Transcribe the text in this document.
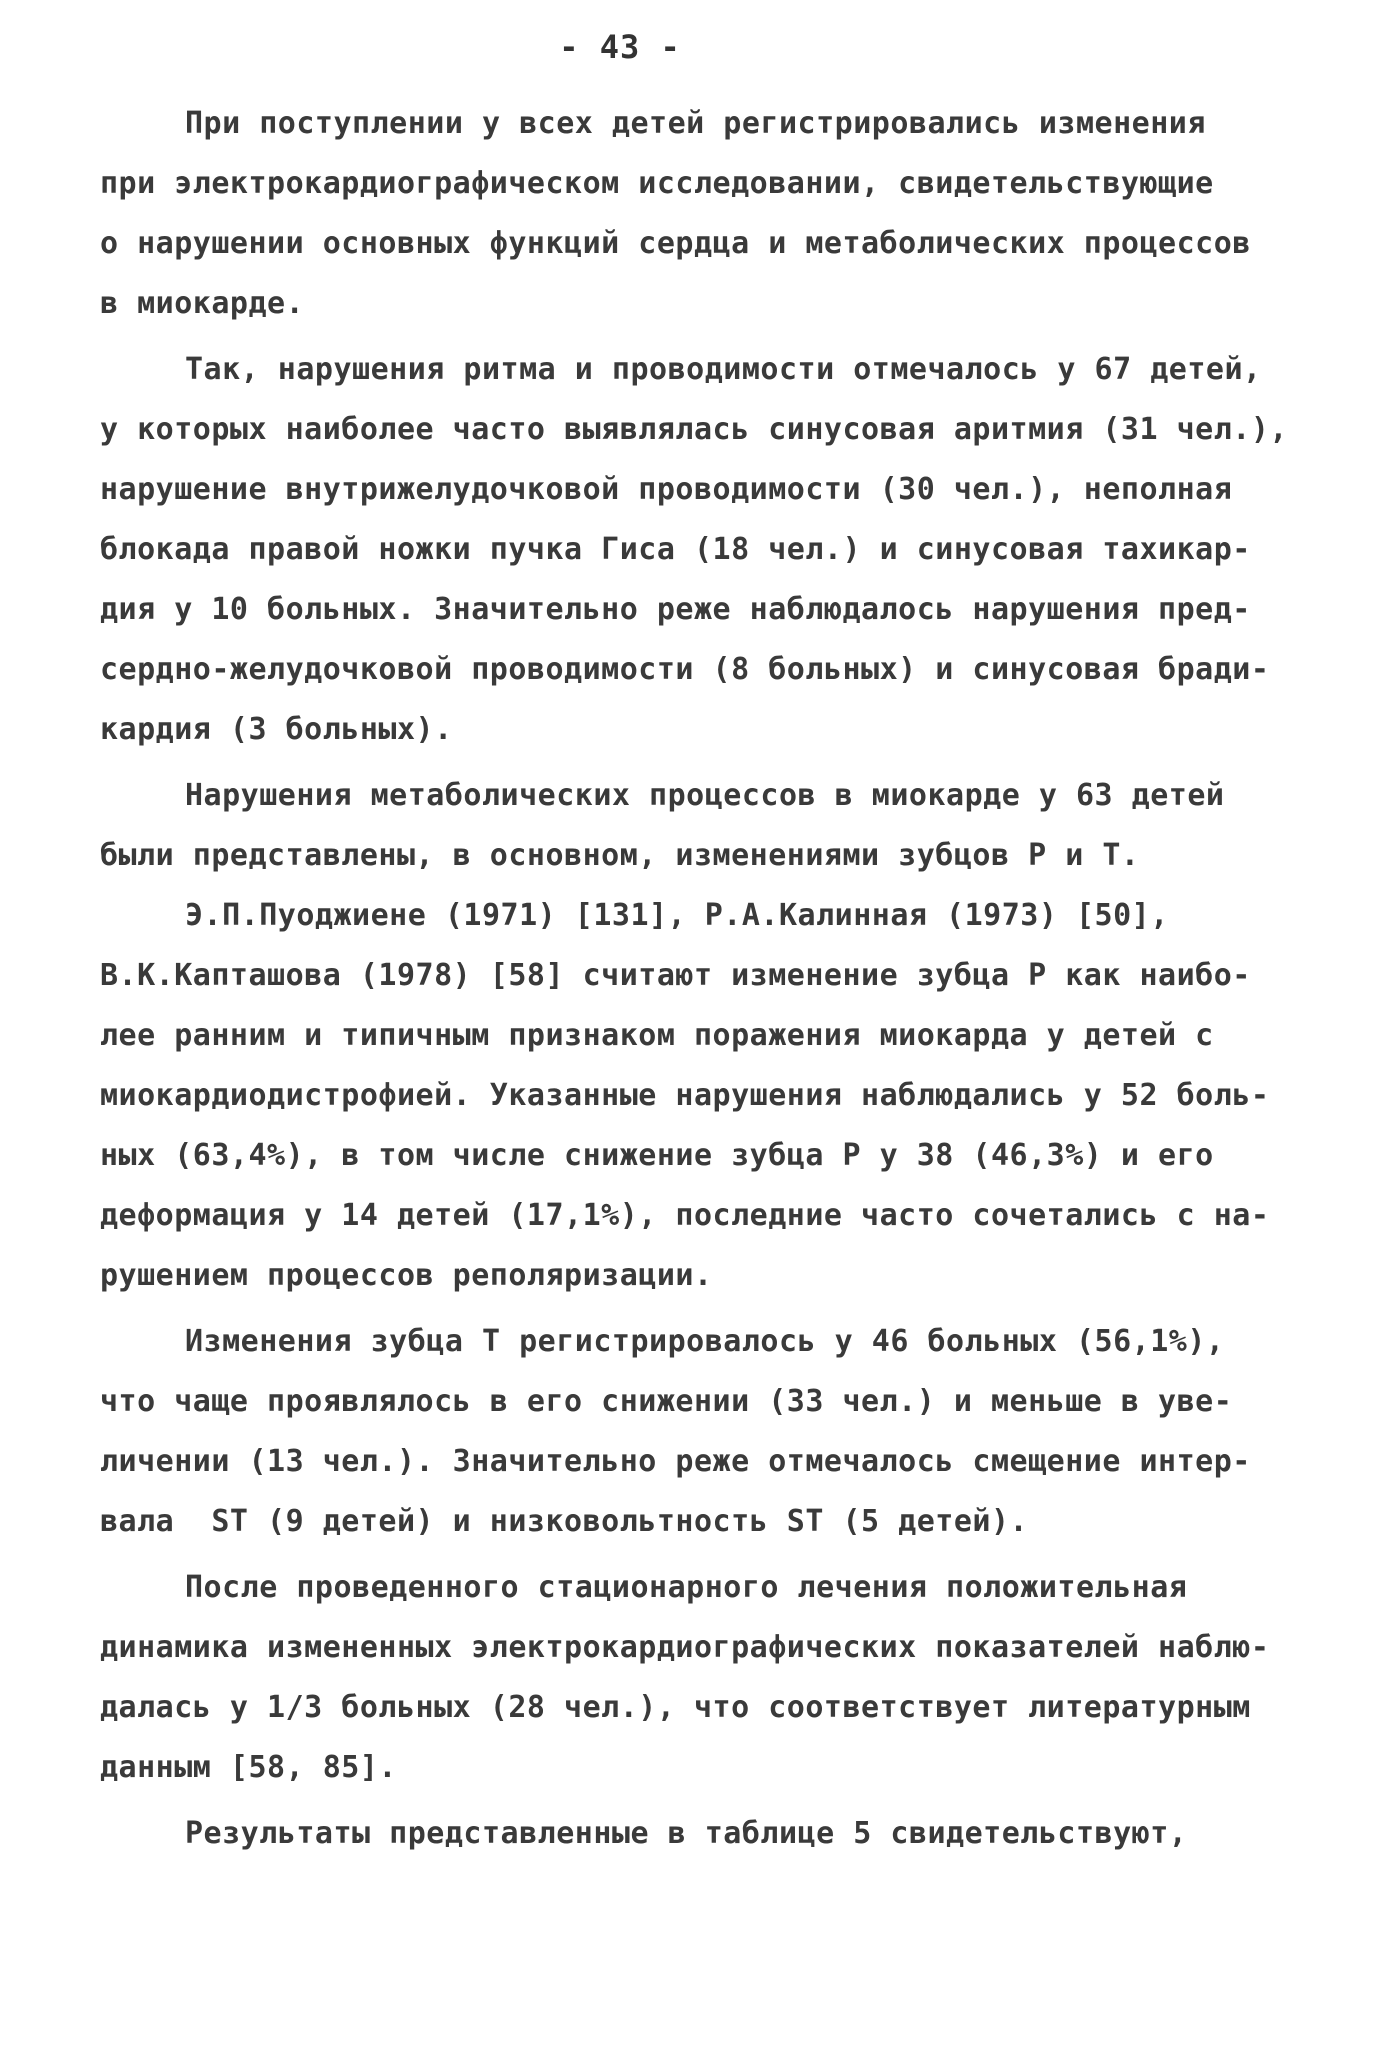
- 43 -
При поступлении у всех детей регистрировались изменения
при электрокардиографическом исследовании, свидетельствующие
о нарушении основных функций сердца и метаболических процессов
в миокарде.
Так, нарушения ритма и проводимости отмечалось у 67 детей,
у которых наиболее часто выявлялась синусовая аритмия (31 чел.),
нарушение внутрижелудочковой проводимости (30 чел.), неполная
блокада правой ножки пучка Гиса (18 чел.) и синусовая тахикар-
дия у 10 больных. Значительно реже наблюдалось нарушения пред-
сердно-желудочковой проводимости (8 больных) и синусовая бради-
кардия (3 больных).
Нарушения метаболических процессов в миокарде у 63 детей
были представлены, в основном, изменениями зубцов P и T.
Э.П.Пуоджиене (1971) [131], Р.А.Калинная (1973) [50],
В.К.Капташова (1978) [58] считают изменение зубца P как наибо-
лее ранним и типичным признаком поражения миокарда у детей с
миокардиодистрофией. Указанные нарушения наблюдались у 52 боль-
ных (63,4%), в том числе снижение зубца P у 38 (46,3%) и его
деформация у 14 детей (17,1%), последние часто сочетались с на-
рушением процессов реполяризации.
Изменения зубца T регистрировалось у 46 больных (56,1%),
что чаще проявлялось в его снижении (33 чел.) и меньше в уве-
личении (13 чел.). Значительно реже отмечалось смещение интер-
вала  ST (9 детей) и низковольтность ST (5 детей).
После проведенного стационарного лечения положительная
динамика измененных электрокардиографических показателей наблю-
далась у 1/3 больных (28 чел.), что соответствует литературным
данным [58, 85].
Результаты представленные в таблице 5 свидетельствуют,
